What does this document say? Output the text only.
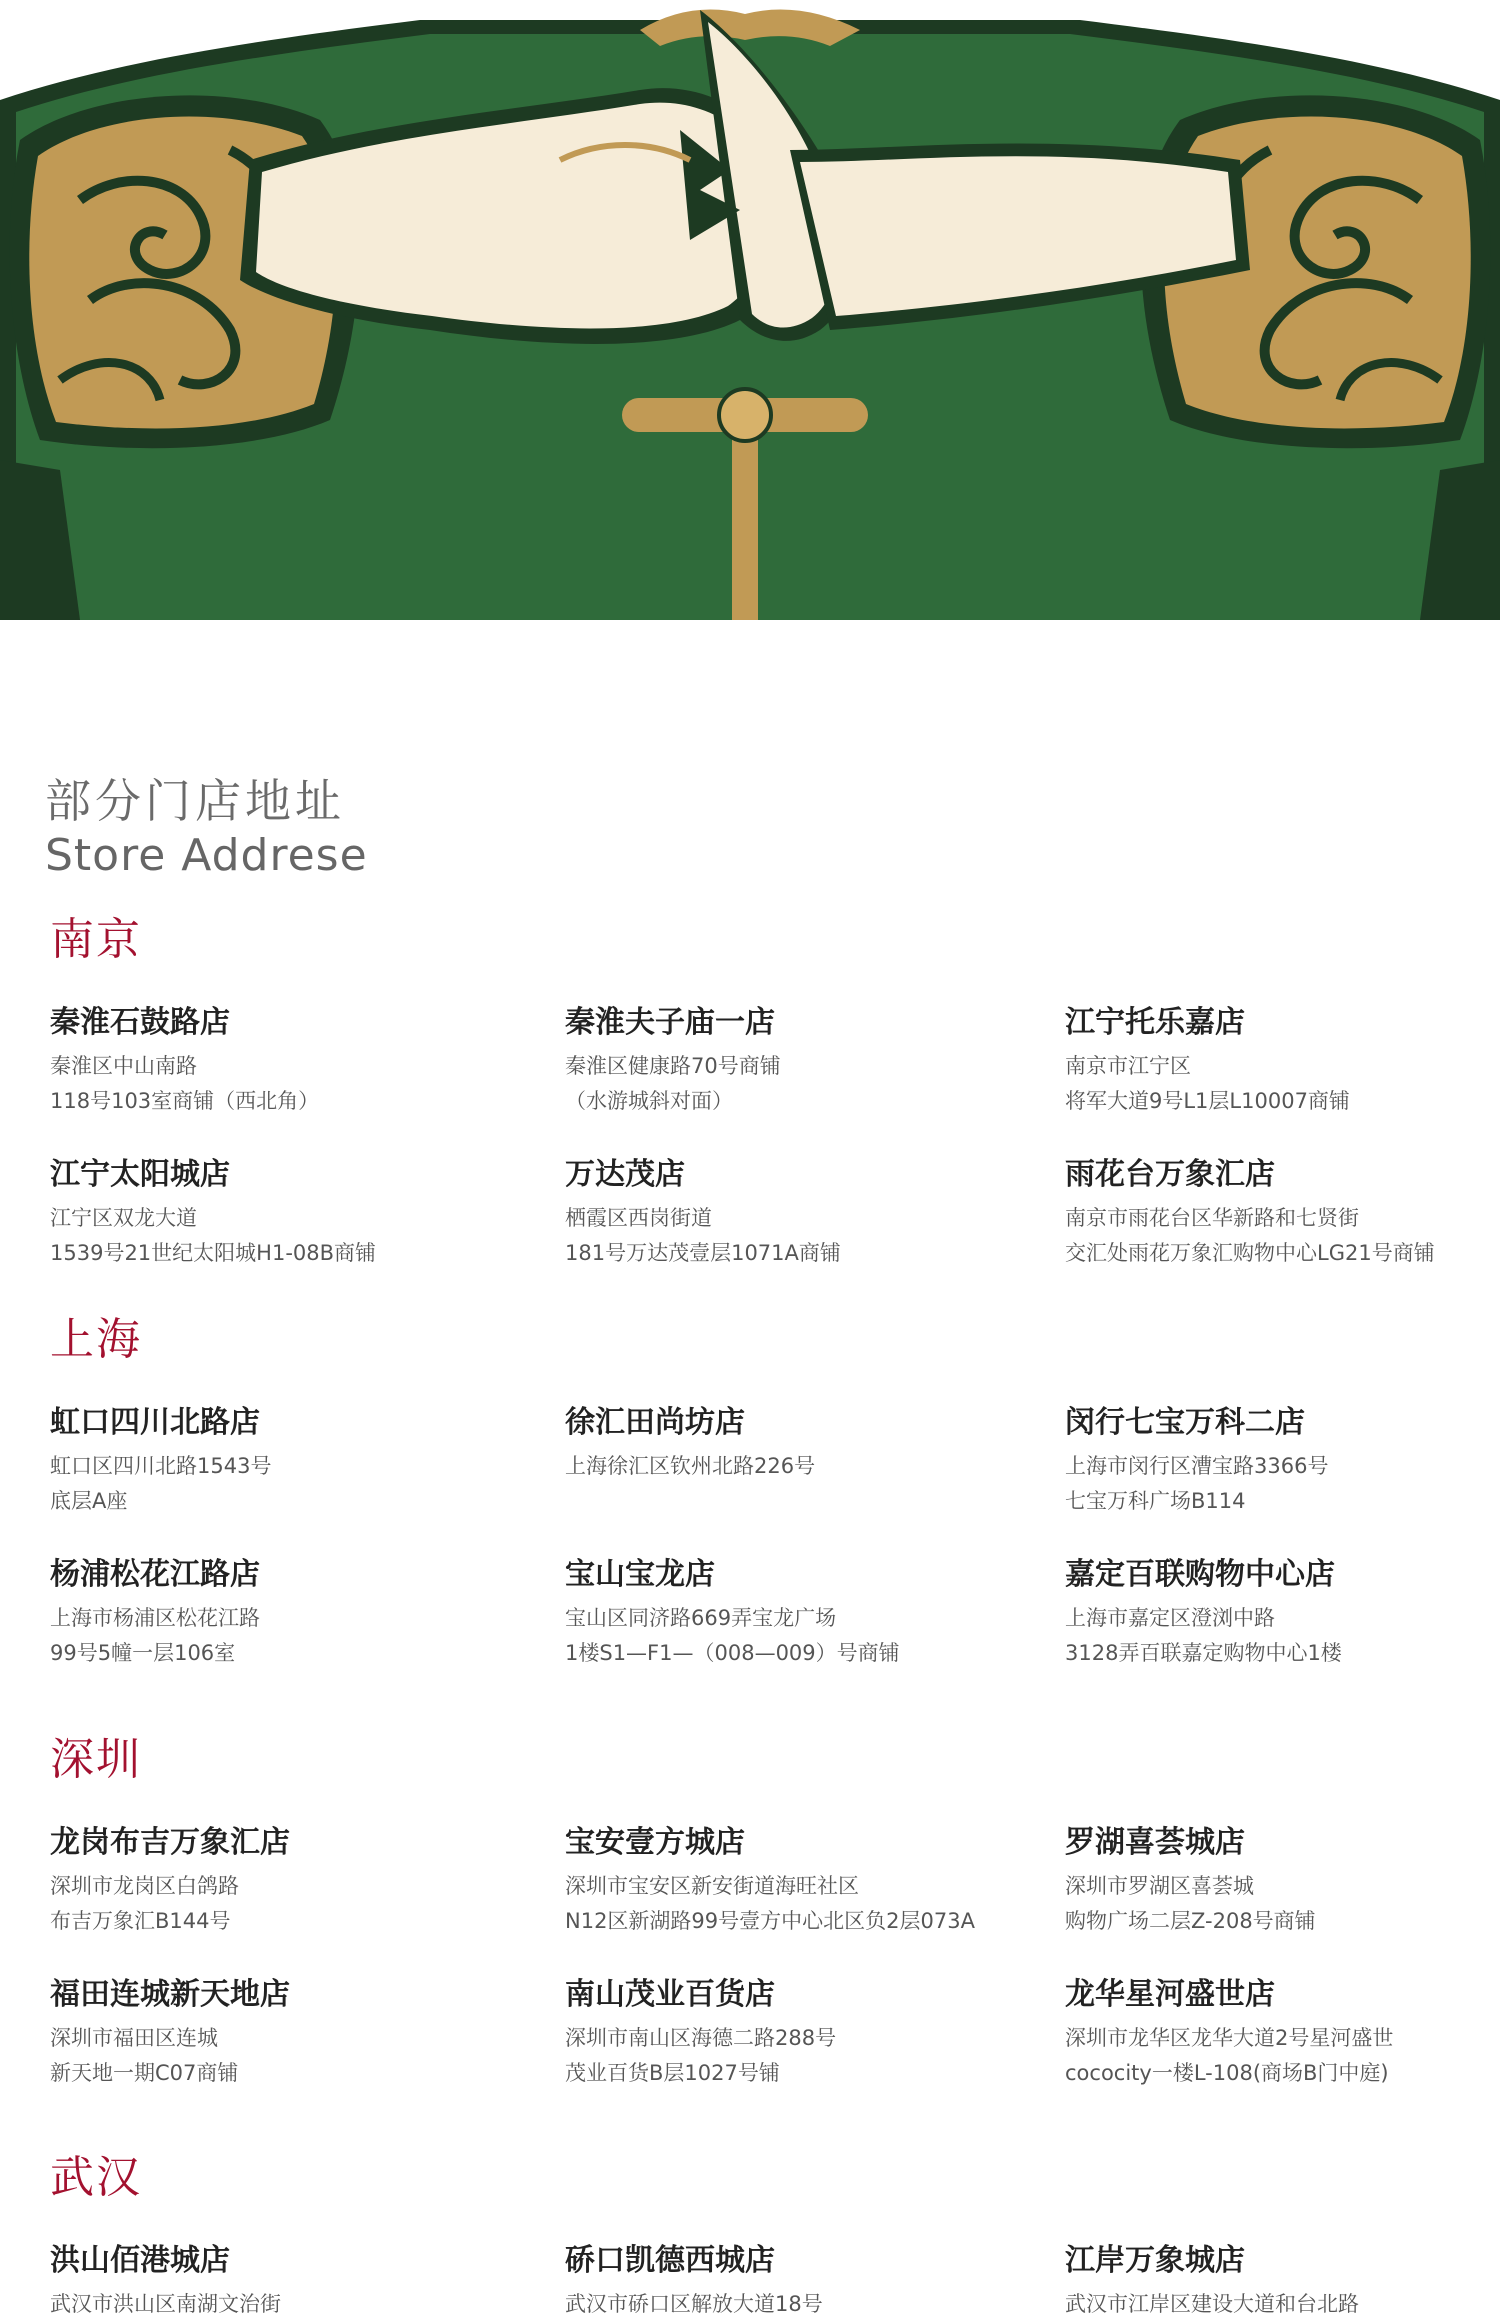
部分门店地址
Store Addrese
南京
秦淮石鼓路店
秦淮区中山南路
118号103室商铺（西北角）
秦淮夫子庙一店
秦淮区健康路70号商铺
（水游城斜对面）
江宁托乐嘉店
南京市江宁区
将军大道9号L1层L10007商铺
江宁太阳城店
江宁区双龙大道
1539号21世纪太阳城H1-08B商铺
万达茂店
栖霞区西岗街道
181号万达茂壹层1071A商铺
雨花台万象汇店
南京市雨花台区华新路和七贤街
交汇处雨花万象汇购物中心LG21号商铺
上海
虹口四川北路店
虹口区四川北路1543号
底层A座
徐汇田尚坊店
上海徐汇区钦州北路226号
闵行七宝万科二店
上海市闵行区漕宝路3366号
七宝万科广场B114
杨浦松花江路店
上海市杨浦区松花江路
99号5幢一层106室
宝山宝龙店
宝山区同济路669弄宝龙广场
1楼S1—F1—（008—009）号商铺
嘉定百联购物中心店
上海市嘉定区澄浏中路
3128弄百联嘉定购物中心1楼
深圳
龙岗布吉万象汇店
深圳市龙岗区白鸽路
布吉万象汇B144号
宝安壹方城店
深圳市宝安区新安街道海旺社区
N12区新湖路99号壹方中心北区负2层073A
罗湖喜荟城店
深圳市罗湖区喜荟城
购物广场二层Z-208号商铺
福田连城新天地店
深圳市福田区连城
新天地一期C07商铺
南山茂业百货店
深圳市南山区海德二路288号
茂业百货B层1027号铺
龙华星河盛世店
深圳市龙华区龙华大道2号星河盛世
cococity一楼L-108(商场B门中庭)
武汉
洪山佰港城店
武汉市洪山区南湖文治街
硚口凯德西城店
武汉市硚口区解放大道18号
江岸万象城店
武汉市江岸区建设大道和台北路
